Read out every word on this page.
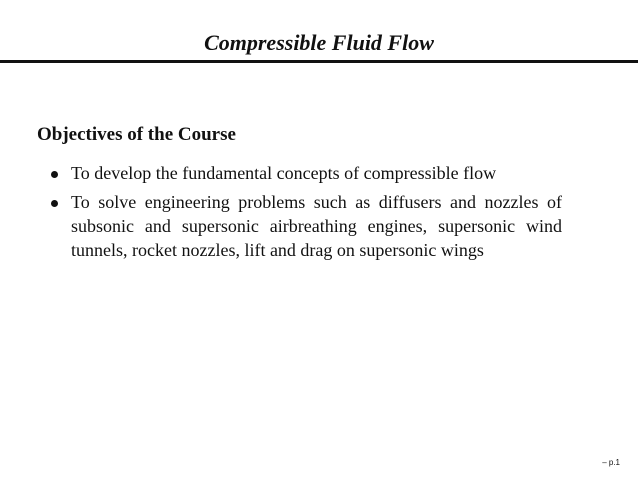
Compressible Fluid Flow
Objectives of the Course
To develop the fundamental concepts of compressible flow
To solve engineering problems such as diffusers and nozzles of subsonic and supersonic airbreathing engines, supersonic wind tunnels, rocket nozzles, lift and drag on supersonic wings
– p.1
